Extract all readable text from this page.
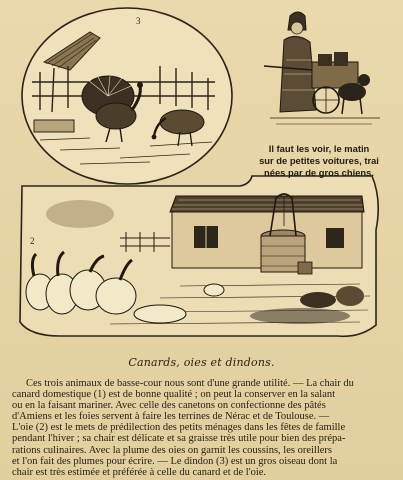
3
2
Il faut les voir, le matin
sur de petites voitures, trai
nées par de gros chiens.
Canards, oies et dindons.
Ces trois animaux de basse-cour nous sont d'une grande utilité. — La chair du
canard domestique (1) est de bonne qualité ; on peut la conserver en la salant
ou en la faisant mariner. Avec celle des canetons on confectionne des pâtés
d'Amiens et les foies servent à faire les terrines de Nérac et de Toulouse. —
L'oie (2) est le mets de prédilection des petits ménages dans les fêtes de famille
pendant l'hiver ; sa chair est délicate et sa graisse très utile pour bien des prépa-
rations culinaires. Avec la plume des oies on garnit les coussins, les oreillers
et l'on fait des plumes pour écrire. — Le dindon (3) est un gros oiseau dont la
chair est très estimée et préférée à celle du canard et de l'oie.
